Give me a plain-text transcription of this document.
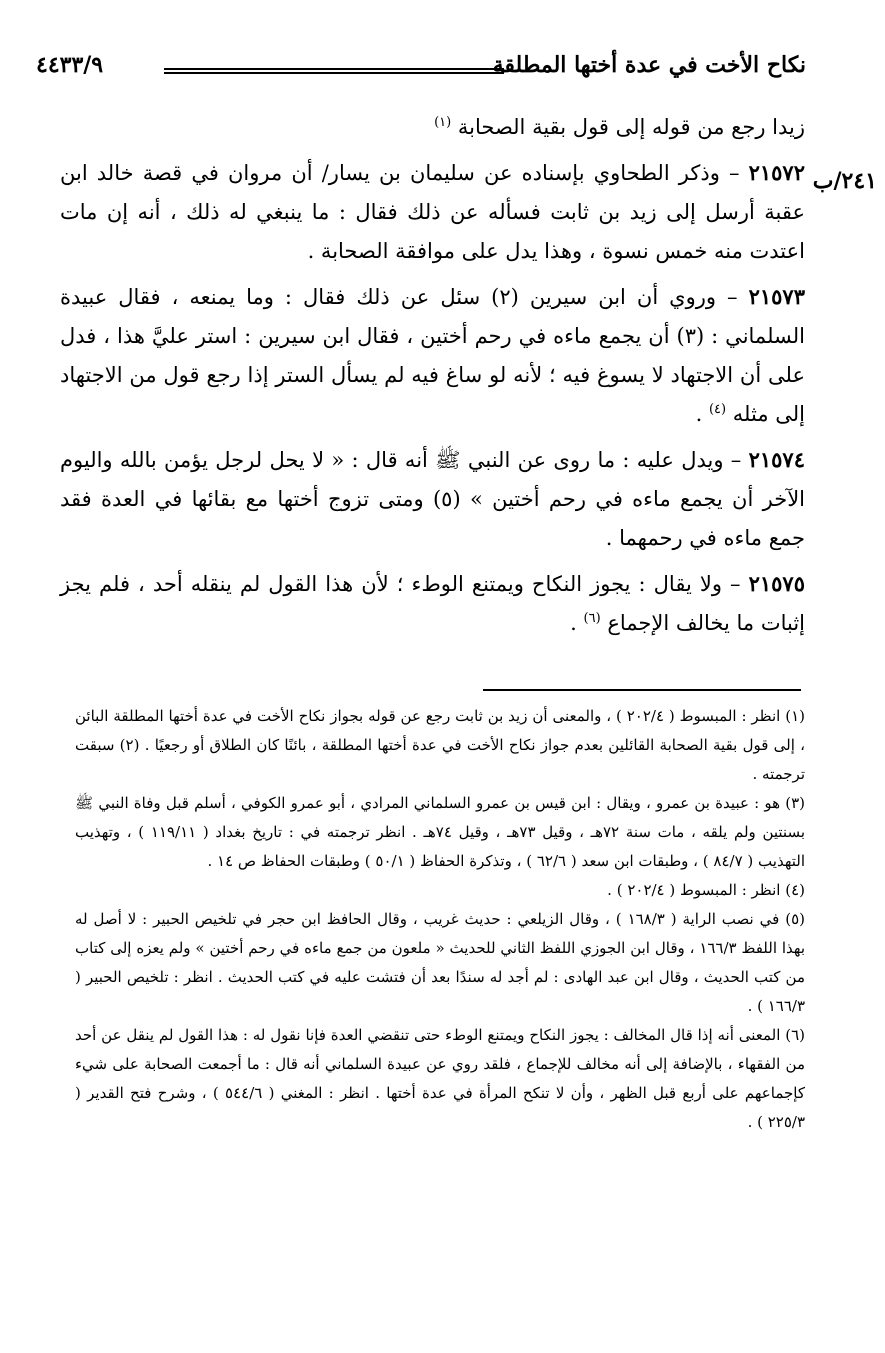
نكاح الأخت في عدة أختها المطلقة
٤٤٣٣/٩
٢٤١/ب

زيدا رجع من قوله إلى قول بقية الصحابة $^{(١)}$

٢١٥٧٢ – وذكر الطحاوي بإسناده عن سليمان بن يسار/ أن مروان في قصة خالد ابن عقبة أرسل إلى زيد بن ثابت فسأله عن ذلك فقال : ما ينبغي له ذلك ، أنه إن مات اعتدت منه خمس نسوة ، وهذا يدل على موافقة الصحابة .

٢١٥٧٣ – وروي أن ابن سيرين (٢) سئل عن ذلك فقال : وما يمنعه ، فقال عبيدة السلماني : (٣) أن يجمع ماءه في رحم أختين ، فقال ابن سيرين : استر عليَّ هذا ، فدل على أن الاجتهاد لا يسوغ فيه ؛ لأنه لو ساغ فيه لم يسأل الستر إذا رجع قول من الاجتهاد إلى مثله $^{(٤)}$ .

٢١٥٧٤ – ويدل عليه : ما روى عن النبي ﷺ أنه قال : « لا يحل لرجل يؤمن بالله واليوم الآخر أن يجمع ماءه في رحم أختين » (٥) ومتى تزوج أختها مع بقائها في العدة فقد جمع ماءه في رحمهما .

٢١٥٧٥ – ولا يقال : يجوز النكاح ويمتنع الوطء ؛ لأن هذا القول لم ينقله أحد ، فلم يجز إثبات ما يخالف الإجماع $^{(٦)}$ .

(١) انظر : المبسوط ( ٢٠٢/٤ ) ، والمعنى أن زيد بن ثابت رجع عن قوله بجواز نكاح الأخت في عدة أختها المطلقة البائن ، إلى قول بقية الصحابة القائلين بعدم جواز نكاح الأخت في عدة أختها المطلقة ، بائنًا كان الطلاق أو رجعيًا . (٢) سبقت ترجمته .

(٣) هو : عبيدة بن عمرو ، ويقال : ابن قيس بن عمرو السلماني المرادي ، أبو عمرو الكوفي ، أسلم قبل وفاة النبي ﷺ بسنتين ولم يلقه ، مات سنة ٧٢هـ ، وقيل ٧٣هـ ، وقيل ٧٤هـ . انظر ترجمته في : تاريخ بغداد ( ١١٩/١١ ) ، وتهذيب التهذيب ( ٨٤/٧ ) ، وطبقات ابن سعد ( ٦٢/٦ ) ، وتذكرة الحفاظ ( ٥٠/١ ) وطبقات الحفاظ ص ١٤ .

(٤) انظر : المبسوط ( ٢٠٢/٤ ) .

(٥) في نصب الراية ( ١٦٨/٣ ) ، وقال الزيلعي : حديث غريب ، وقال الحافظ ابن حجر في تلخيص الحبير : لا أصل له بهذا اللفظ ١٦٦/٣ ، وقال ابن الجوزي اللفظ الثاني للحديث « ملعون من جمع ماءه في رحم أختين » ولم يعزه إلى كتاب من كتب الحديث ، وقال ابن عبد الهادى : لم أجد له سندًا بعد أن فتشت عليه في كتب الحديث . انظر : تلخيص الحبير ( ١٦٦/٣ ) .

(٦) المعنى أنه إذا قال المخالف : يجوز النكاح ويمتنع الوطء حتى تنقضي العدة فإنا نقول له : هذا القول لم ينقل عن أحد من الفقهاء ، بالإضافة إلى أنه مخالف للإجماع ، فلقد روي عن عبيدة السلماني أنه قال : ما أجمعت الصحابة على شيء كإجماعهم على أربع قبل الظهر ، وأن لا تنكح المرأة في عدة أختها . انظر : المغني ( ٥٤٤/٦ ) ، وشرح فتح القدير ( ٢٢٥/٣ ) .
